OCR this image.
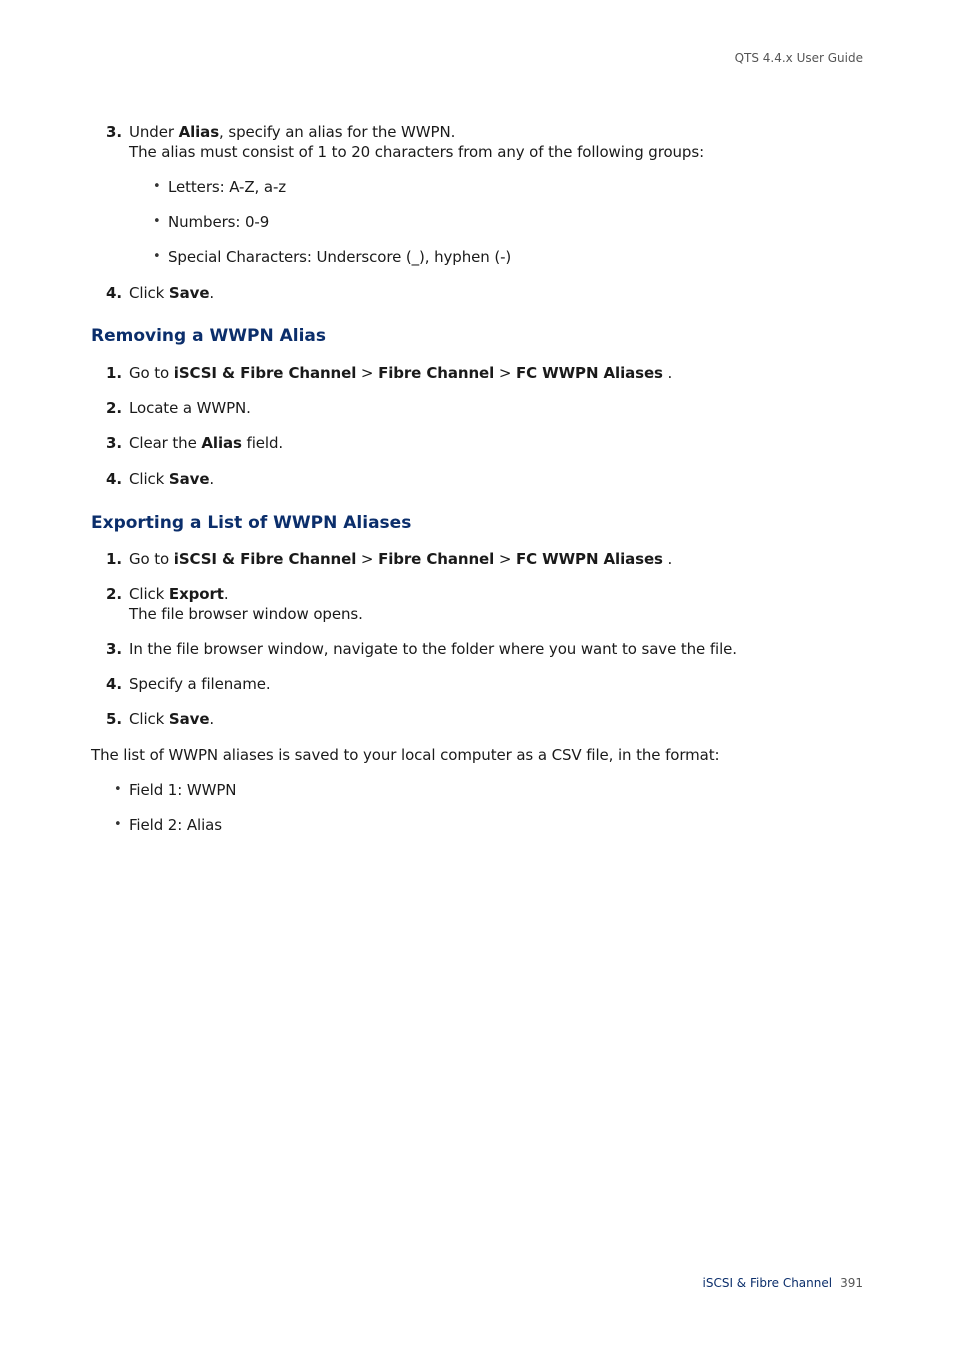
QTS 4.4.x User Guide
3. Under Alias, specify an alias for the WWPN.
The alias must consist of 1 to 20 characters from any of the following groups:
• Letters: A-Z, a-z
• Numbers: 0-9
• Special Characters: Underscore (_), hyphen (-)
4. Click Save.
Removing a WWPN Alias
1. Go to iSCSI & Fibre Channel > Fibre Channel > FC WWPN Aliases .
2. Locate a WWPN.
3. Clear the Alias field.
4. Click Save.
Exporting a List of WWPN Aliases
1. Go to iSCSI & Fibre Channel > Fibre Channel > FC WWPN Aliases .
2. Click Export.
The file browser window opens.
3. In the file browser window, navigate to the folder where you want to save the file.
4. Specify a filename.
5. Click Save.
The list of WWPN aliases is saved to your local computer as a CSV file, in the format:
• Field 1: WWPN
• Field 2: Alias
iSCSI & Fibre Channel 391
